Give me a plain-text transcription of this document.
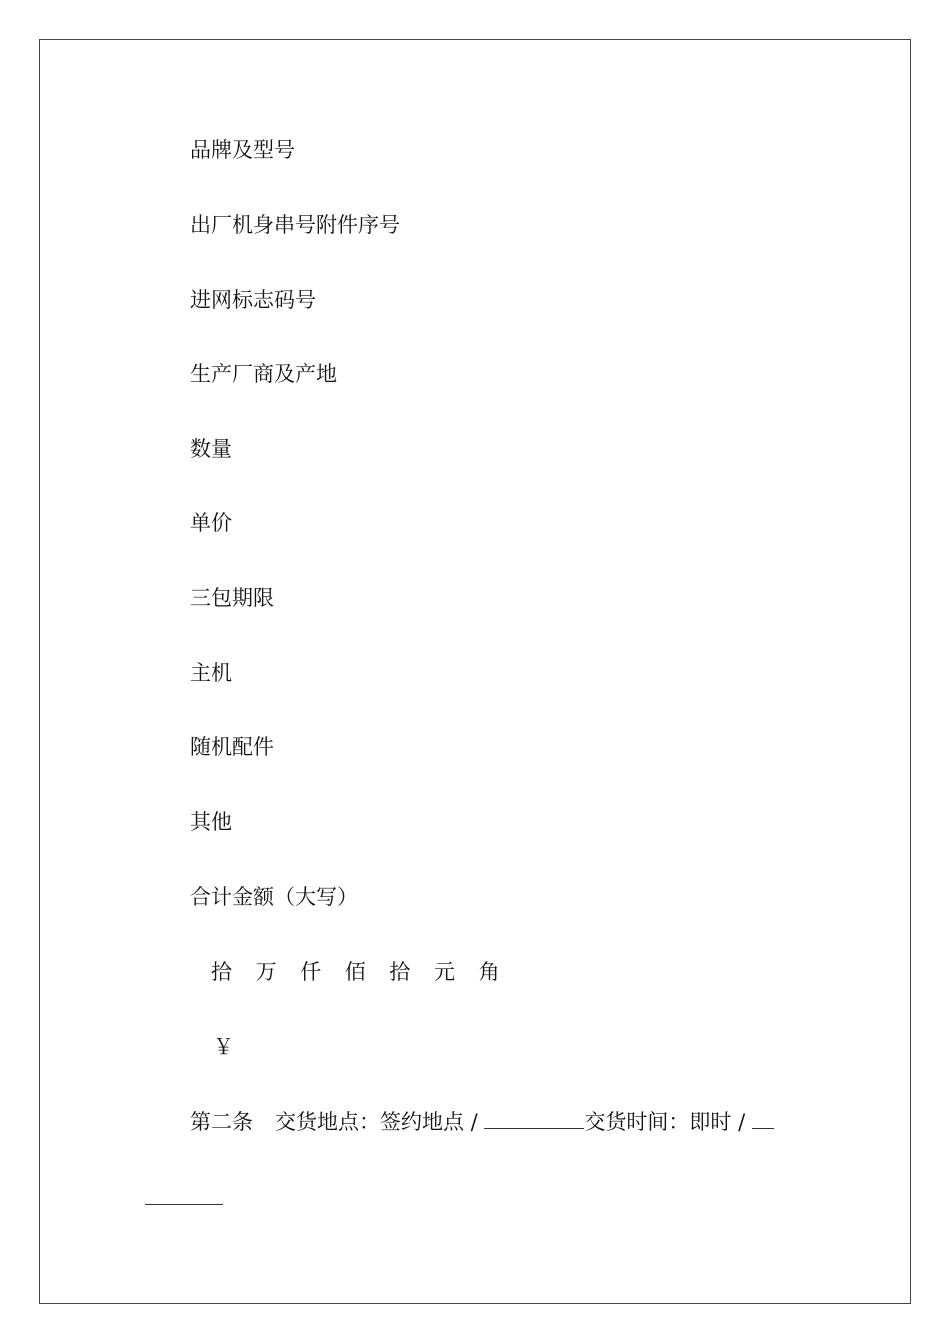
品牌及型号
出厂机身串号附件序号
进网标志码号
生产厂商及产地
数量
单价
三包期限
主机
随机配件
其他
合计金额（大写）
拾 万 仟 佰 拾 元 角
￥
第二条 交货地点：签约地点 /	交货时间：即时 /
